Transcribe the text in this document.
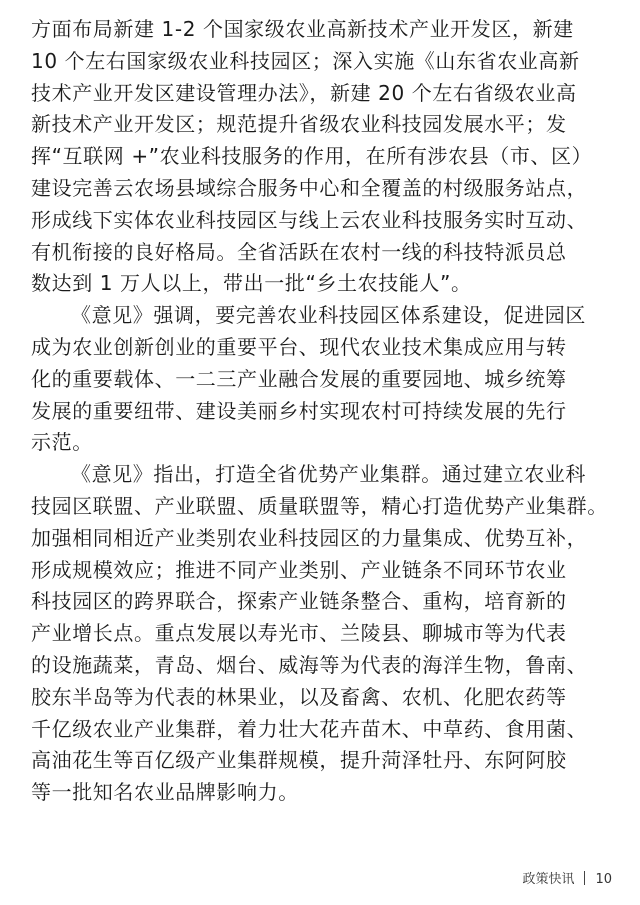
方面布局新建 1-2 个国家级农业高新技术产业开发区，新建
10 个左右国家级农业科技园区；深入实施《山东省农业高新
技术产业开发区建设管理办法》，新建 20 个左右省级农业高
新技术产业开发区；规范提升省级农业科技园发展水平；发
挥“互联网 +”农业科技服务的作用，在所有涉农县（市、区）
建设完善云农场县域综合服务中心和全覆盖的村级服务站点，
形成线下实体农业科技园区与线上云农业科技服务实时互动、
有机衔接的良好格局。全省活跃在农村一线的科技特派员总
数达到 1 万人以上，带出一批“乡土农技能人”。
《意见》强调，要完善农业科技园区体系建设，促进园区
成为农业创新创业的重要平台、现代农业技术集成应用与转
化的重要载体、一二三产业融合发展的重要园地、城乡统筹
发展的重要纽带、建设美丽乡村实现农村可持续发展的先行
示范。
《意见》指出，打造全省优势产业集群。通过建立农业科
技园区联盟、产业联盟、质量联盟等，精心打造优势产业集群。
加强相同相近产业类别农业科技园区的力量集成、优势互补，
形成规模效应；推进不同产业类别、产业链条不同环节农业
科技园区的跨界联合，探索产业链条整合、重构，培育新的
产业增长点。重点发展以寿光市、兰陵县、聊城市等为代表
的设施蔬菜，青岛、烟台、威海等为代表的海洋生物，鲁南、
胶东半岛等为代表的林果业，以及畜禽、农机、化肥农药等
千亿级农业产业集群，着力壮大花卉苗木、中草药、食用菌、
高油花生等百亿级产业集群规模，提升菏泽牡丹、东阿阿胶
等一批知名农业品牌影响力。
政策快讯 10
